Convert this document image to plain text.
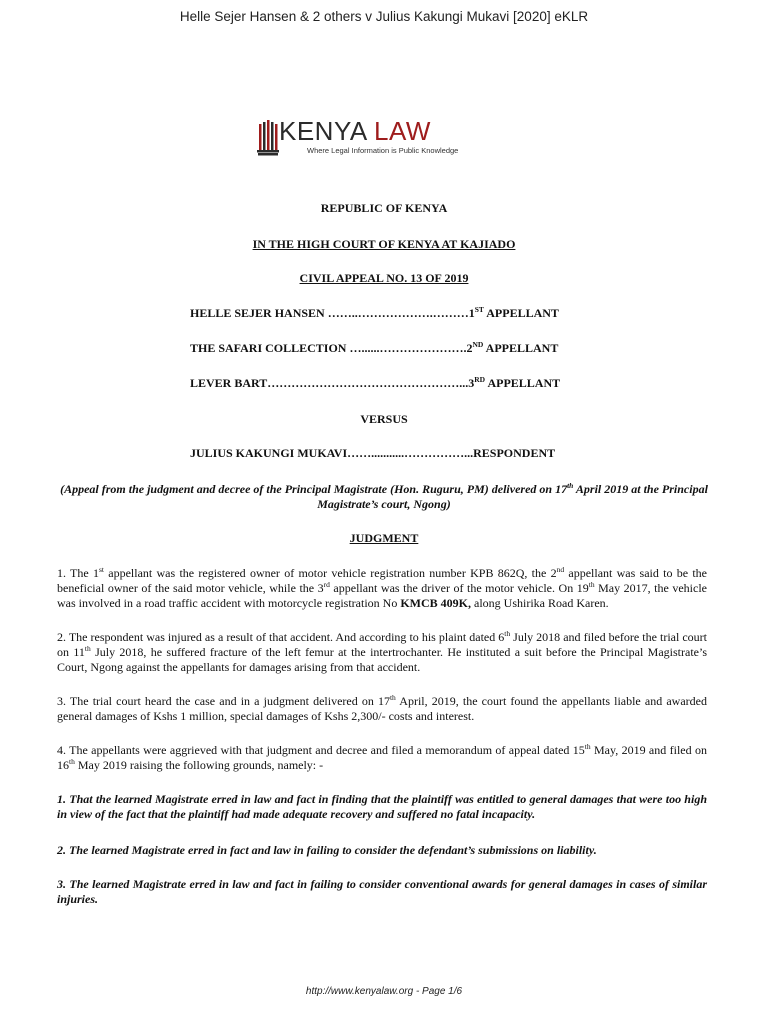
Helle Sejer Hansen & 2 others v Julius Kakungi Mukavi [2020] eKLR
KENYA LAW
Where Legal Information is Public Knowledge
REPUBLIC OF KENYA
IN THE HIGH COURT OF KENYA AT KAJIADO
CIVIL APPEAL NO. 13 OF 2019
HELLE SEJER HANSEN ……..……………….………1ST APPELLANT
THE SAFARI COLLECTION …......………………….2ND APPELLANT
LEVER BART…………………………………………...3RD APPELLANT
VERSUS
JULIUS KAKUNGI MUKAVI……...........……………...RESPONDENT
(Appeal from the judgment and decree of the Principal Magistrate (Hon. Ruguru, PM) delivered on 17th April 2019 at the Principal Magistrate’s court, Ngong)
JUDGMENT

1. The 1st appellant was the registered owner of motor vehicle registration number KPB 862Q, the 2nd appellant was said to be the beneficial owner of the said motor vehicle, while the 3rd appellant was the driver of the motor vehicle. On 19th May 2017, the vehicle was involved in a road traffic accident with motorcycle registration No KMCB 409K, along Ushirika Road Karen.

2. The respondent was injured as a result of that accident. And according to his plaint dated 6th July 2018 and filed before the trial court on 11th July 2018, he suffered fracture of the left femur at the intertrochanter. He instituted a suit before the Principal Magistrate’s Court, Ngong against the appellants for damages arising from that accident.

3. The trial court heard the case and in a judgment delivered on 17th April, 2019, the court found the appellants liable and awarded general damages of Kshs 1 million, special damages of Kshs 2,300/- costs and interest.

4. The appellants were aggrieved with that judgment and decree and filed a memorandum of appeal dated 15th May, 2019 and filed on 16th May 2019 raising the following grounds, namely: -

1. That the learned Magistrate erred in law and fact in finding that the plaintiff was entitled to general damages that were too high in view of the fact that the plaintiff had made adequate recovery and suffered no fatal incapacity.

2. The learned Magistrate erred in fact and law in failing to consider the defendant’s submissions on liability.

3. The learned Magistrate erred in law and fact in failing to consider conventional awards for general damages in cases of similar injuries.

http://www.kenyalaw.org - Page 1/6
